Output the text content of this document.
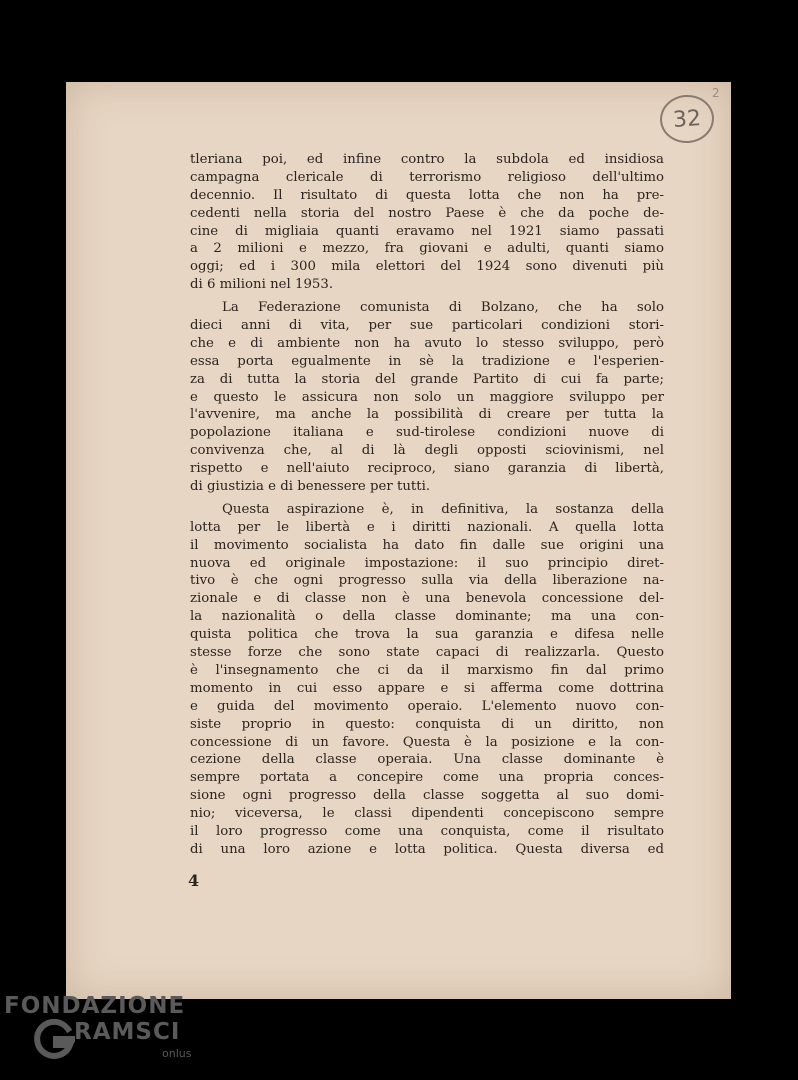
2
32
tleriana poi, ed infine contro la subdola ed insidiosa
campagna clericale di terrorismo religioso dell'ultimo
decennio. Il risultato di questa lotta che non ha pre-
cedenti nella storia del nostro Paese è che da poche de-
cine di migliaia quanti eravamo nel 1921 siamo passati
a 2 milioni e mezzo, fra giovani e adulti, quanti siamo
oggi; ed i 300 mila elettori del 1924 sono divenuti più
di 6 milioni nel 1953.
La Federazione comunista di Bolzano, che ha solo
dieci anni di vita, per sue particolari condizioni stori-
che e di ambiente non ha avuto lo stesso sviluppo, però
essa porta egualmente in sè la tradizione e l'esperien-
za di tutta la storia del grande Partito di cui fa parte;
e questo le assicura non solo un maggiore sviluppo per
l'avvenire, ma anche la possibilità di creare per tutta la
popolazione italiana e sud-tirolese condizioni nuove di
convivenza che, al di là degli opposti sciovinismi, nel
rispetto e nell'aiuto reciproco, siano garanzia di libertà,
di giustizia e di benessere per tutti.
Questa aspirazione è, in definitiva, la sostanza della
lotta per le libertà e i diritti nazionali. A quella lotta
il movimento socialista ha dato fin dalle sue origini una
nuova ed originale impostazione: il suo principio diret-
tivo è che ogni progresso sulla via della liberazione na-
zionale e di classe non è una benevola concessione del-
la nazionalità o della classe dominante; ma una con-
quista politica che trova la sua garanzia e difesa nelle
stesse forze che sono state capaci di realizzarla. Questo
è l'insegnamento che ci da il marxismo fin dal primo
momento in cui esso appare e si afferma come dottrina
e guida del movimento operaio. L'elemento nuovo con-
siste proprio in questo: conquista di un diritto, non
concessione di un favore. Questa è la posizione e la con-
cezione della classe operaia. Una classe dominante è
sempre portata a concepire come una propria conces-
sione ogni progresso della classe soggetta al suo domi-
nio; viceversa, le classi dipendenti concepiscono sempre
il loro progresso come una conquista, come il risultato
di una loro azione e lotta politica. Questa diversa ed
4
FONDAZIONE
RAMSCI
onlus
